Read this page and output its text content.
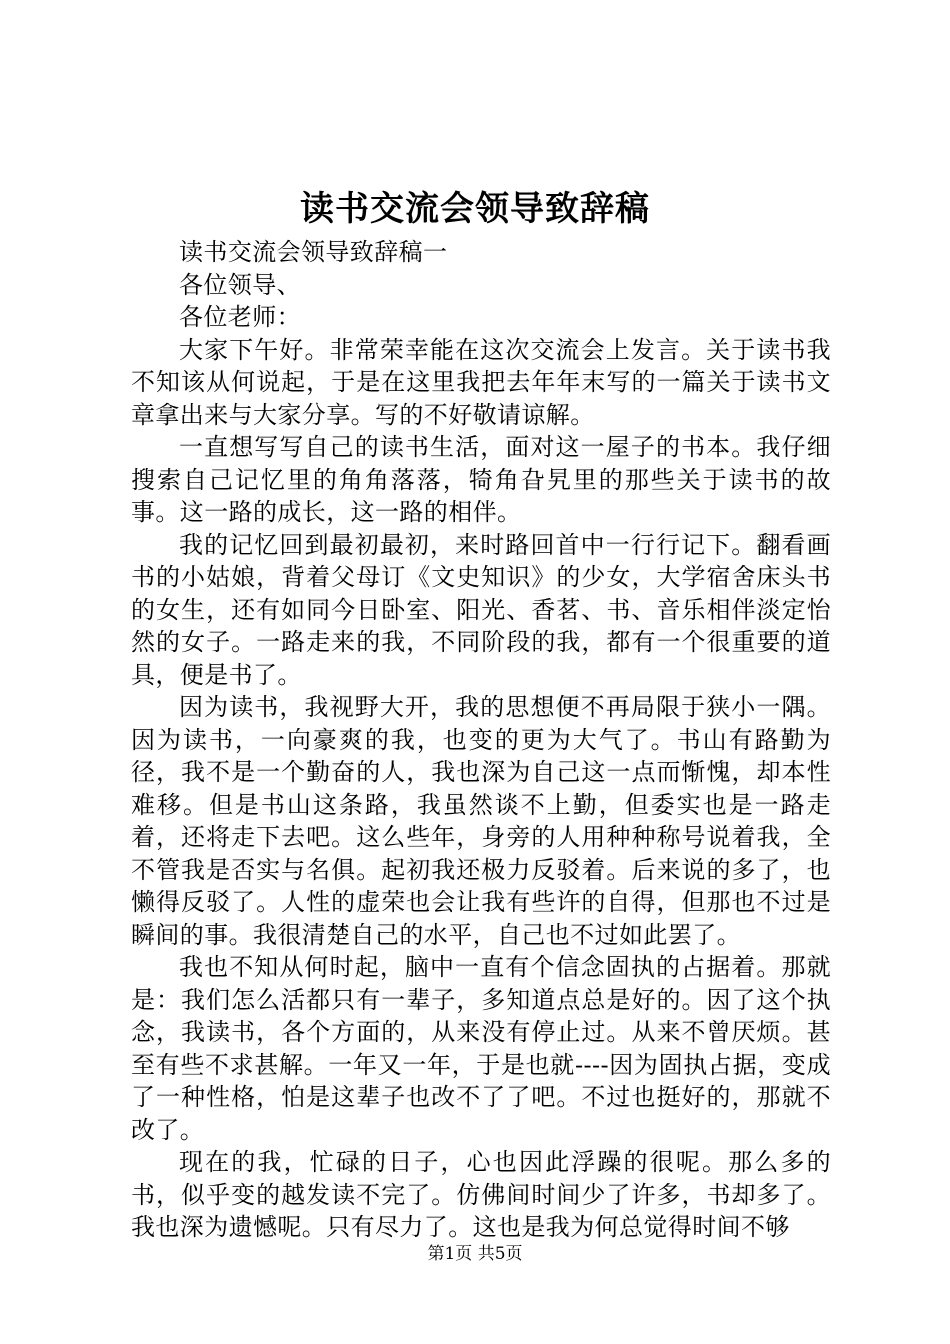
读书交流会领导致辞稿

读书交流会领导致辞稿一

各位领导、

各位老师：

大家下午好。非常荣幸能在这次交流会上发言。关于读书我不知该从何说起，于是在这里我把去年年末写的一篇关于读书文章拿出来与大家分享。写的不好敬请谅解。

一直想写写自己的读书生活，面对这一屋子的书本。我仔细搜索自己记忆里的角角落落，犄角旮旯里的那些关于读书的故事。这一路的成长，这一路的相伴。

我的记忆回到最初最初，来时路回首中一行行记下。翻看画书的小姑娘，背着父母订《文史知识》的少女，大学宿舍床头书的女生，还有如同今日卧室、阳光、香茗、书、音乐相伴淡定怡然的女子。一路走来的我，不同阶段的我，都有一个很重要的道具，便是书了。

因为读书，我视野大开，我的思想便不再局限于狭小一隅。因为读书，一向豪爽的我，也变的更为大气了。书山有路勤为径，我不是一个勤奋的人，我也深为自己这一点而惭愧，却本性难移。但是书山这条路，我虽然谈不上勤，但委实也是一路走着，还将走下去吧。这么些年，身旁的人用种种称号说着我，全不管我是否实与名俱。起初我还极力反驳着。后来说的多了，也懒得反驳了。人性的虚荣也会让我有些许的自得，但那也不过是瞬间的事。我很清楚自己的水平，自己也不过如此罢了。

我也不知从何时起，脑中一直有个信念固执的占据着。那就是：我们怎么活都只有一辈子，多知道点总是好的。因了这个执念，我读书，各个方面的，从来没有停止过。从来不曾厌烦。甚至有些不求甚解。一年又一年，于是也就----因为固执占据，变成了一种性格，怕是这辈子也改不了了吧。不过也挺好的，那就不改了。

现在的我，忙碌的日子，心也因此浮躁的很呢。那么多的书，似乎变的越发读不完了。仿佛间时间少了许多，书却多了。我也深为遗憾呢。只有尽力了。这也是我为何总觉得时间不够

第1页 共5页
